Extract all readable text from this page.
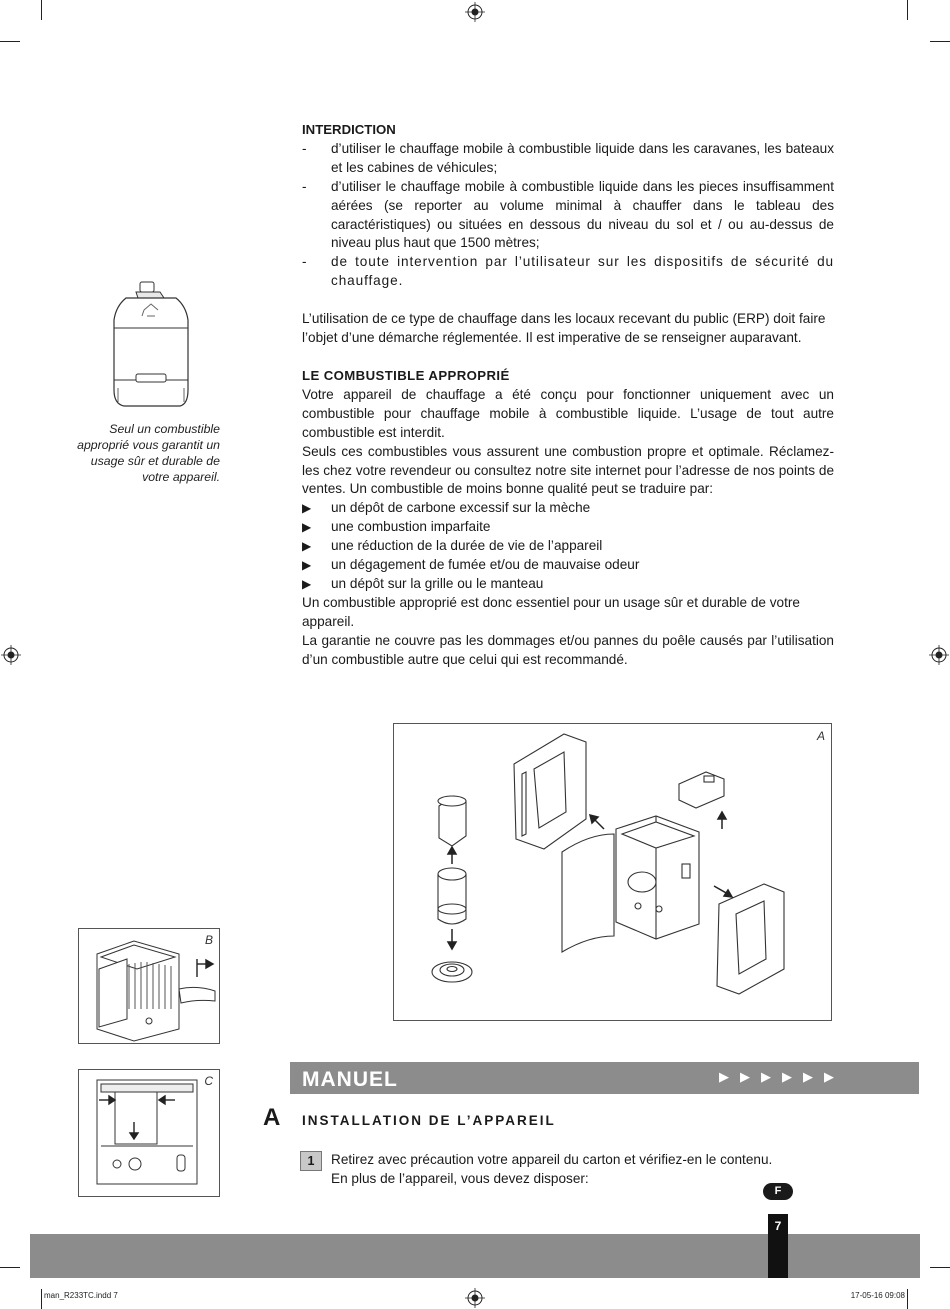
INTERDICTION

-	d’utiliser le chauffage mobile à combustible liquide dans les caravanes, les bateaux et les cabines de véhicules;
-	d’utiliser le chauffage mobile à combustible liquide dans les pieces insuffisamment aérées (se reporter au volume minimal à chauffer dans le tableau des caractéristiques) ou situées en dessous du niveau du sol et / ou au-dessus de niveau plus haut que 1500 mètres;
-	de toute intervention par l’utilisateur sur les dispositifs de sécurité du chauffage.

L’utilisation de ce type de chauffage dans les locaux recevant du public (ERP) doit faire l’objet d’une démarche réglementée. Il est imperative de se renseigner auparavant.

LE COMBUSTIBLE APPROPRIÉ

Votre appareil de chauffage a été conçu pour fonctionner uniquement avec un combustible pour chauffage mobile à combustible liquide. L’usage de tout autre combustible est interdit.

Seuls ces combustibles vous assurent une combustion propre et optimale. Réclamez-les chez votre revendeur ou consultez notre site internet pour l’adresse de nos points de ventes. Un combustible de moins bonne qualité peut se traduire par:

▶	un dépôt de carbone excessif sur la mèche
▶	une combustion imparfaite
▶	une réduction de la durée de vie de l’appareil
▶	un dégagement de fumée et/ou de mauvaise odeur
▶	un dépôt sur la grille ou le manteau

Un combustible approprié est donc essentiel pour un usage sûr et durable de votre appareil.

La garantie ne couvre pas les dommages et/ou pannes du poêle causés par l’utilisation d’un combustible autre que celui qui est recommandé.

Seul un combustible approprié vous garantit un usage sûr et durable de votre appareil.
A
B
C	MANUEL	▶▶▶▶▶▶
A INSTALLATION DE L’APPAREIL
1	Retirez avec précaution votre appareil du carton et vérifiez-en le contenu.
En plus de l’appareil, vous devez disposer:
F
7
man_R233TC.indd 7	17-05-16 09:08
